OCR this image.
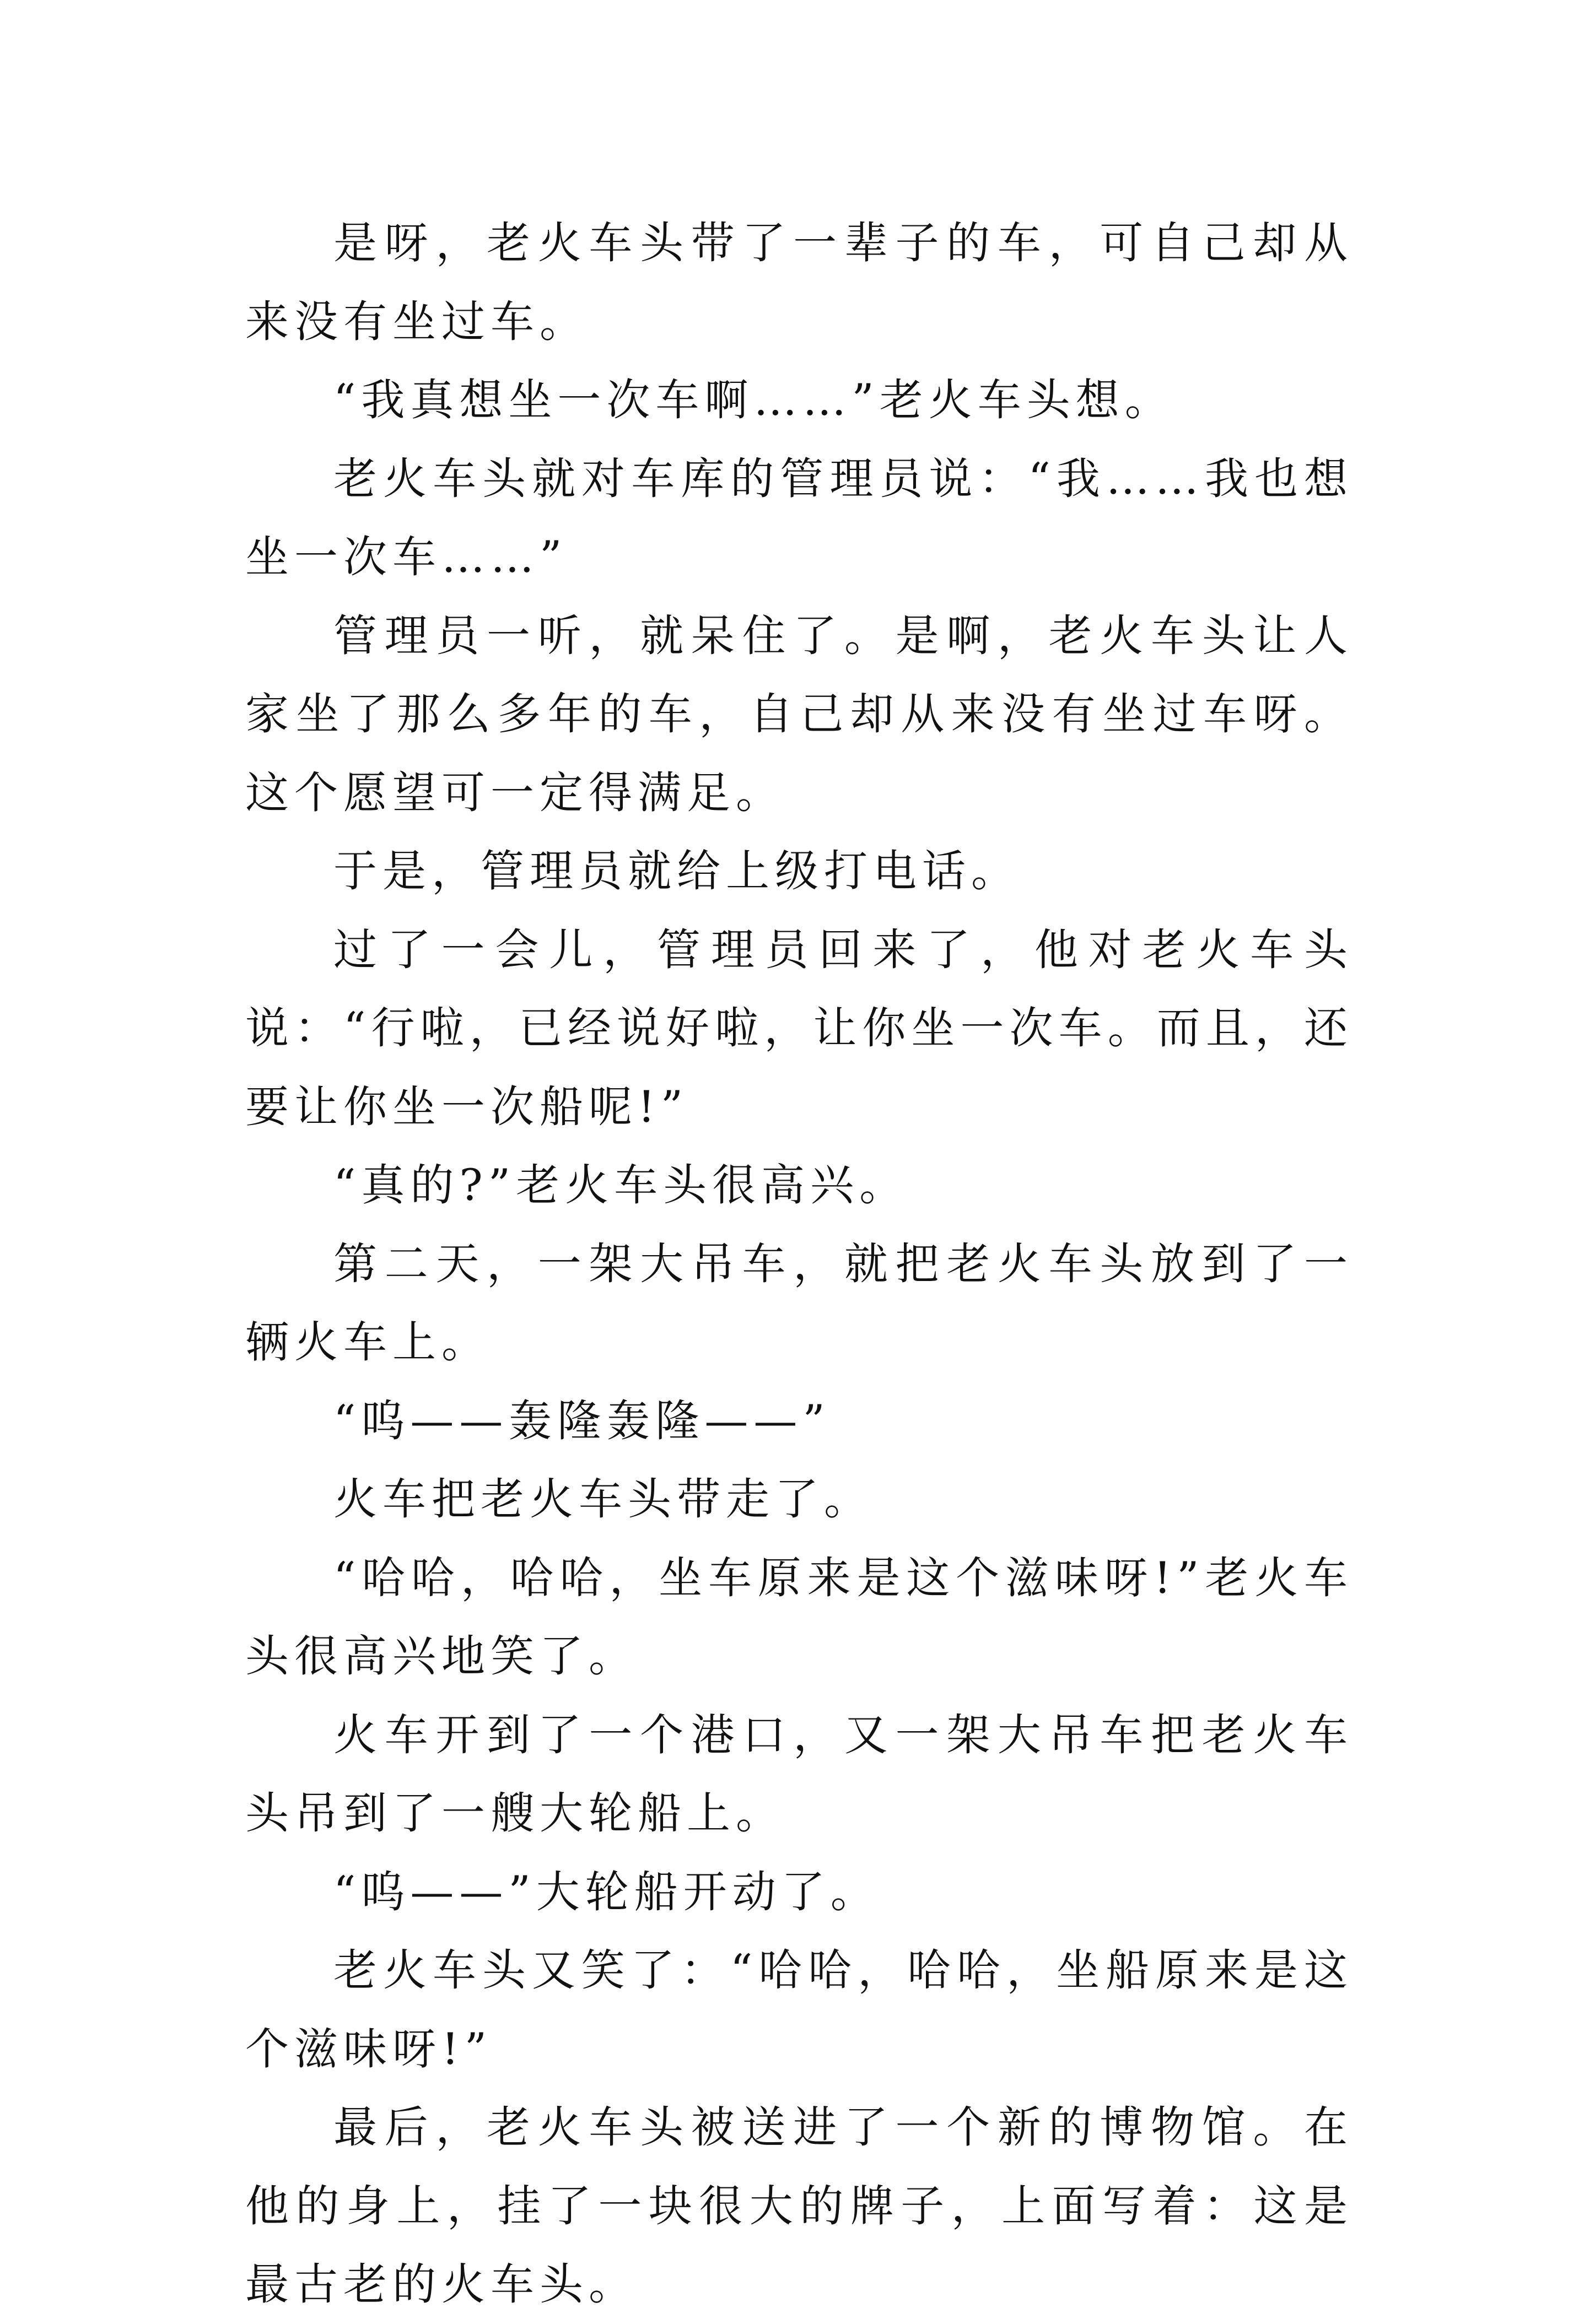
是呀，老火车头带了一辈子的车，可自己却从来没有坐过车。

“我真想坐一次车啊……”老火车头想。

老火车头就对车库的管理员说：“我……我也想坐一次车……”

管理员一听，就呆住了。是啊，老火车头让人家坐了那么多年的车，自己却从来没有坐过车呀。这个愿望可一定得满足。

于是，管理员就给上级打电话。

过了一会儿，管理员回来了，他对老火车头说：“行啦，已经说好啦，让你坐一次车。而且，还要让你坐一次船呢!”

“真的?”老火车头很高兴。

第二天，一架大吊车，就把老火车头放到了一辆火车上。

“呜——轰隆轰隆——”

火车把老火车头带走了。

“哈哈，哈哈，坐车原来是这个滋味呀!”老火车头很高兴地笑了。

火车开到了一个港口，又一架大吊车把老火车头吊到了一艘大轮船上。

“呜——”大轮船开动了。

老火车头又笑了：“哈哈，哈哈，坐船原来是这个滋味呀!”

最后，老火车头被送进了一个新的博物馆。在他的身上，挂了一块很大的牌子，上面写着：这是最古老的火车头。
